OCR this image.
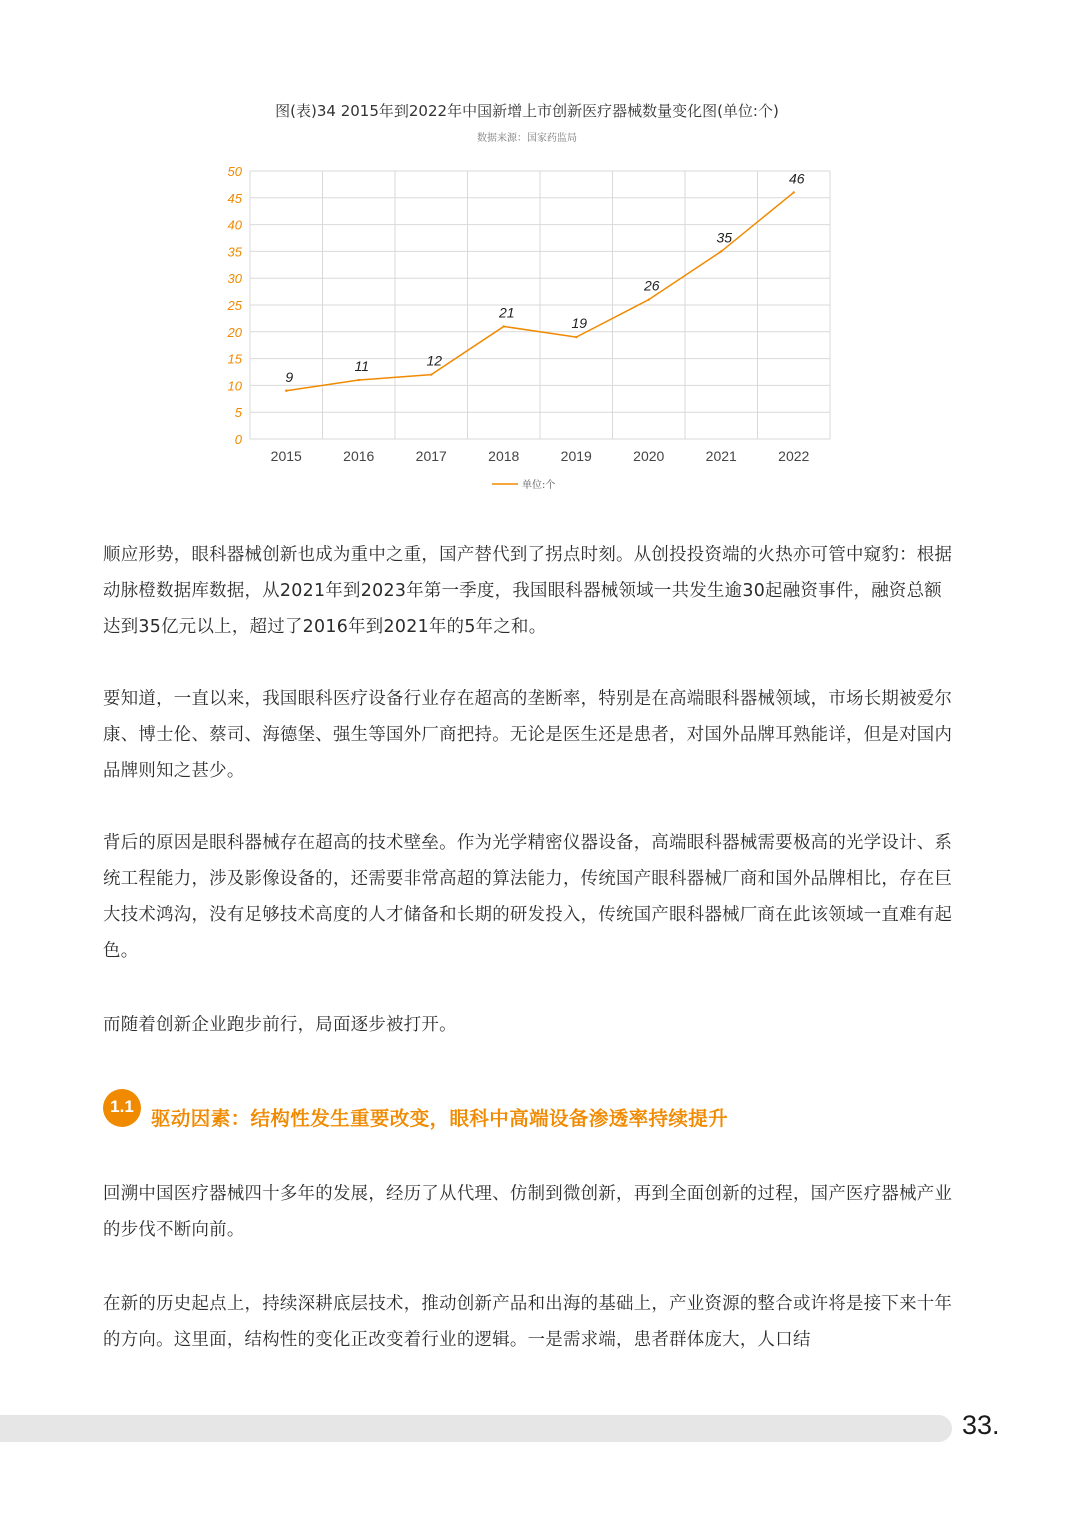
图(表)34 2015年到2022年中国新增上市创新医疗器械数量变化图(单位:个)
数据来源：国家药监局
0
5
10
15
20
25
30
35
40
45
50
2015	2016	2017	2018	2019	2020	2021	2022
9
11	12
21
19
26
35
46
单位:个

顺应形势，眼科器械创新也成为重中之重，国产替代到了拐点时刻。从创投投资端的火热亦可管中窥豹：根据动脉橙数据库数据，从2021年到2023年第一季度，我国眼科器械领域一共发生逾30起融资事件，融资总额达到35亿元以上，超过了2016年到2021年的5年之和。

要知道，一直以来，我国眼科医疗设备行业存在超高的垄断率，特别是在高端眼科器械领域，市场长期被爱尔康、博士伦、蔡司、海德堡、强生等国外厂商把持。无论是医生还是患者，对国外品牌耳熟能详，但是对国内品牌则知之甚少。

背后的原因是眼科器械存在超高的技术壁垒。作为光学精密仪器设备，高端眼科器械需要极高的光学设计、系统工程能力，涉及影像设备的，还需要非常高超的算法能力，传统国产眼科器械厂商和国外品牌相比，存在巨大技术鸿沟，没有足够技术高度的人才储备和长期的研发投入，传统国产眼科器械厂商在此该领域一直难有起色。

而随着创新企业跑步前行，局面逐步被打开。

1.1
驱动因素：结构性发生重要改变，眼科中高端设备渗透率持续提升

回溯中国医疗器械四十多年的发展，经历了从代理、仿制到微创新，再到全面创新的过程，国产医疗器械产业的步伐不断向前。

在新的历史起点上，持续深耕底层技术，推动创新产品和出海的基础上，产业资源的整合或许将是接下来十年的方向。这里面，结构性的变化正改变着行业的逻辑。一是需求端，患者群体庞大，人口结

33.
